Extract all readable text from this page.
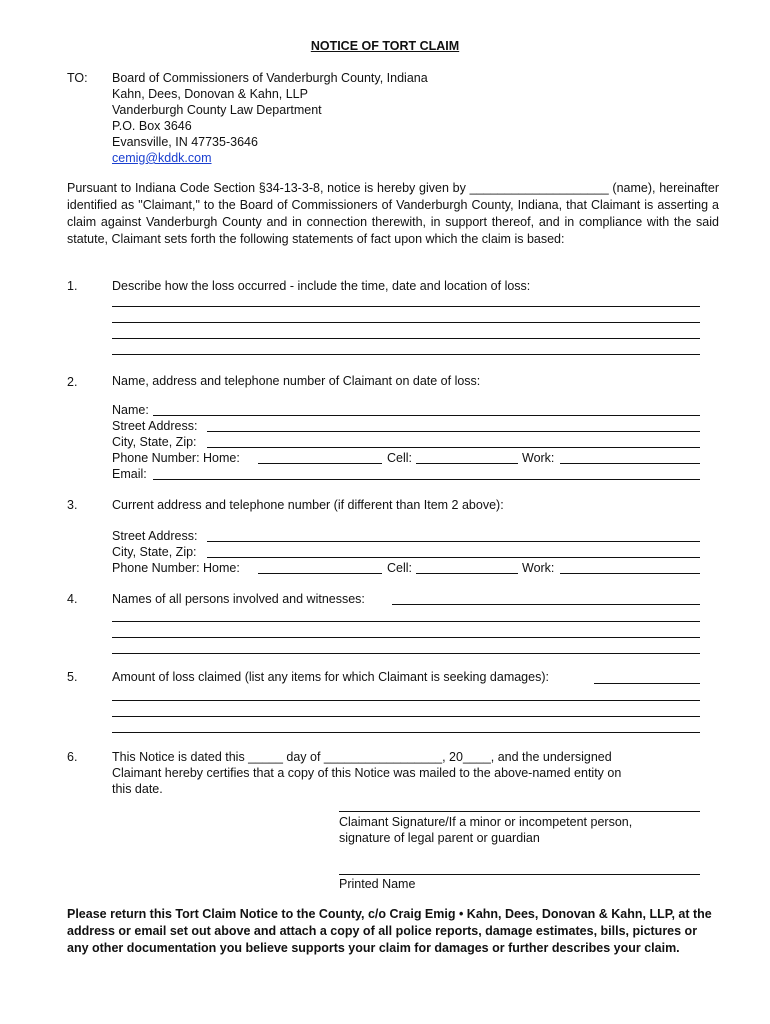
NOTICE OF TORT CLAIM
TO: Board of Commissioners of Vanderburgh County, Indiana
Kahn, Dees, Donovan & Kahn, LLP
Vanderburgh County Law Department
P.O. Box 3646
Evansville, IN 47735-3646
cemig@kddk.com
Pursuant to Indiana Code Section §34-13-3-8, notice is hereby given by ____________________ (name), hereinafter identified as "Claimant," to the Board of Commissioners of Vanderburgh County, Indiana, that Claimant is asserting a claim against Vanderburgh County and in connection therewith, in support thereof, and in compliance with the said statute, Claimant sets forth the following statements of fact upon which the claim is based:
1.	Describe how the loss occurred - include the time, date and location of loss:
2.	Name, address and telephone number of Claimant on date of loss:
Name:
Street Address:
City, State, Zip:
Phone Number: Home:	Cell:	Work:
Email:
3.	Current address and telephone number (if different than Item 2 above):
Street Address:
City, State, Zip:
Phone Number: Home:	Cell:	Work:
4.	Names of all persons involved and witnesses:
5.	Amount of loss claimed (list any items for which Claimant is seeking damages):
6.	This Notice is dated this _____ day of _________________, 20____, and the undersigned
Claimant hereby certifies that a copy of this Notice was mailed to the above-named entity on
this date.
Claimant Signature/If a minor or incompetent person,
signature of legal parent or guardian
Printed Name
Please return this Tort Claim Notice to the County, c/o Craig Emig • Kahn, Dees, Donovan & Kahn, LLP, at the address or email set out above and attach a copy of all police reports, damage estimates, bills, pictures or any other documentation you believe supports your claim for damages or further describes your claim.
